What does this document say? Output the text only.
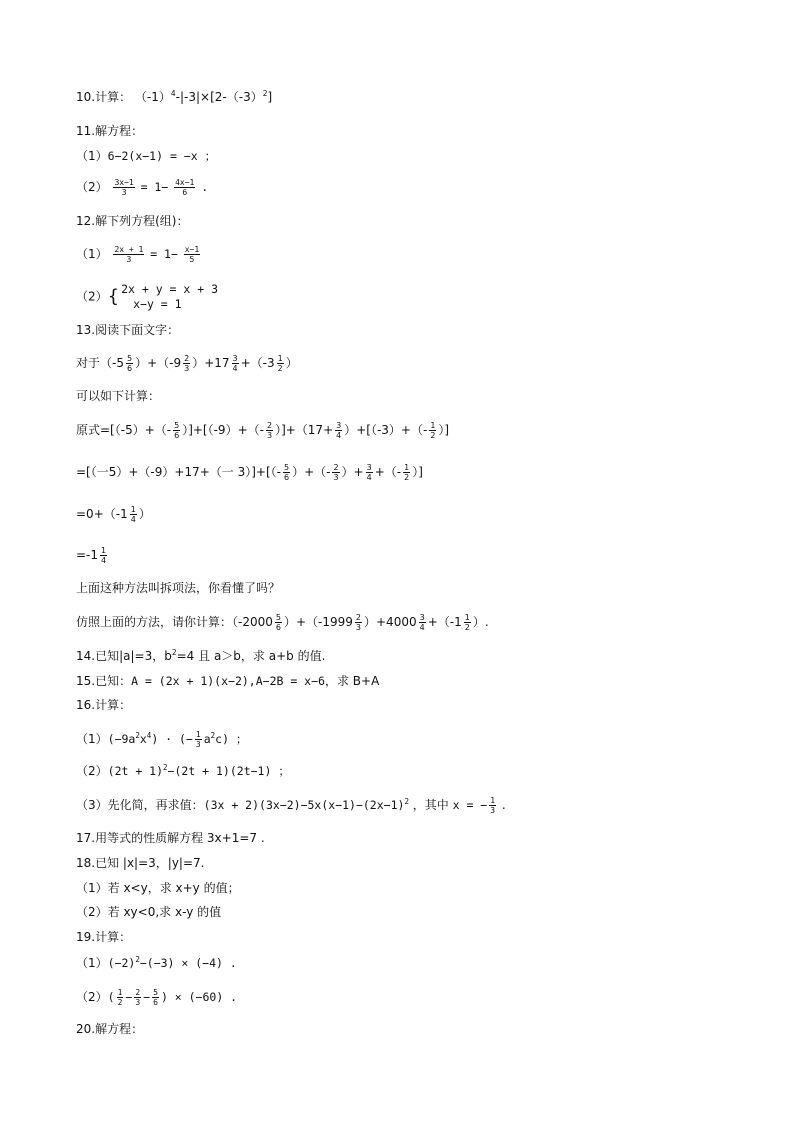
10.计算： $(-1)^4-|-3|\times[2-(-3)^2]$
11.解方程：
（1）6−2(x−1) = −x ；
$(2) \frac{3x-1}{3} = 1- \frac{4x-1}{6}$ .
12.解下列方程(组)：
$(1) \frac{2x + 1}{3} = 1- \frac{x-1}{5}$
（2）{ 2x + y = x + 3
x−y = 1
13.阅读下面文字：
对于$(-5 \frac{5}{6} )+(-9 \frac{2}{3} )+17 \frac{3}{4} +(-3 \frac{1}{2}$ ）
可以如下计算：
原式$=[(-5)+(- \frac{5}{6} )]+[(-9)+(- \frac{2}{3} )]+(17+ \frac{3}{4} )+[(-3)+(- \frac{1}{2}$ ）]
=[（一5）+（-9）+17+（一 $3)]+[(- \frac{5}{6}$ ）+（- $\frac{2}{3}$ ）+ $\frac{3}{4}$ +（- $\frac{1}{2}$ ）]
$=0+(-1 \frac{1}{4}$ ）
$=-1 \frac{1}{4}$
上面这种方法叫拆项法，你看懂了吗？
仿照上面的方法，请你计算：$(-2000 \frac{5}{6} )+(-1999 \frac{2}{3} )+4000 \frac{3}{4} +(-1 \frac{1}{2}$ ）.
14.已知|a|=3，$b^2=4$ 且 a＞b，求 a+b 的值.
15.已知：A = (2x + 1)(x−2),A−2B = x−6，求 B+A
16.计算：
$(1)(-9a^2x^4)$ · (− $\frac{1}{3} a^2c$) ；
$(2)(2t + 1)^2-(2t + 1)(2t-1)$ ；
（3）先化简，再求值：$(3x + 2)(3x-2)-5x(x-1)-(2x-1)^2$ ，其中 x = − $\frac{1}{3}$ .
17.用等式的性质解方程 3x+1=7 .
18.已知 |x|=3，|y|=7.
（1）若 x<y，求 x+y 的值；
（2）若 xy<0,求 x-y 的值
19.计算：
$(1)(-2)^2-(-3) \times (-4)$ .
$(2)( \frac{1}{2} - \frac{2}{3} - \frac{5}{6}$ ) × (−60) .
20.解方程：
